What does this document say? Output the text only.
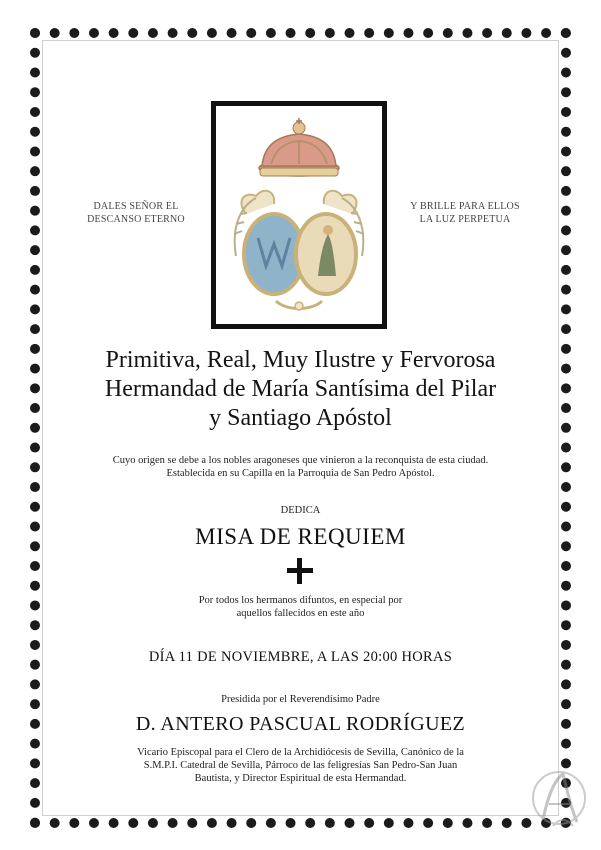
DALES SEÑOR EL
DESCANSO ETERNO
Y BRILLE PARA ELLOS
LA LUZ PERPETUA
Primitiva, Real, Muy Ilustre y Fervorosa
Hermandad de María Santísima del Pilar
y Santiago Apóstol
Cuyo origen se debe a los nobles aragoneses que vinieron a la reconquista de esta ciudad.
Establecida en su Capilla en la Parroquia de San Pedro Apóstol.
DEDICA
MISA DE REQUIEM
Por todos los hermanos difuntos, en especial por
aquellos fallecidos en este año
DÍA 11 DE NOVIEMBRE, A LAS 20:00 HORAS
Presidida por el Reverendísimo Padre
D. ANTERO PASCUAL RODRÍGUEZ
Vicario Episcopal para el Clero de la Archidiócesis de Sevilla, Canónico de la
S.M.P.I. Catedral de Sevilla, Párroco de las feligresías San Pedro-San Juan
Bautista, y Director Espiritual de esta Hermandad.
